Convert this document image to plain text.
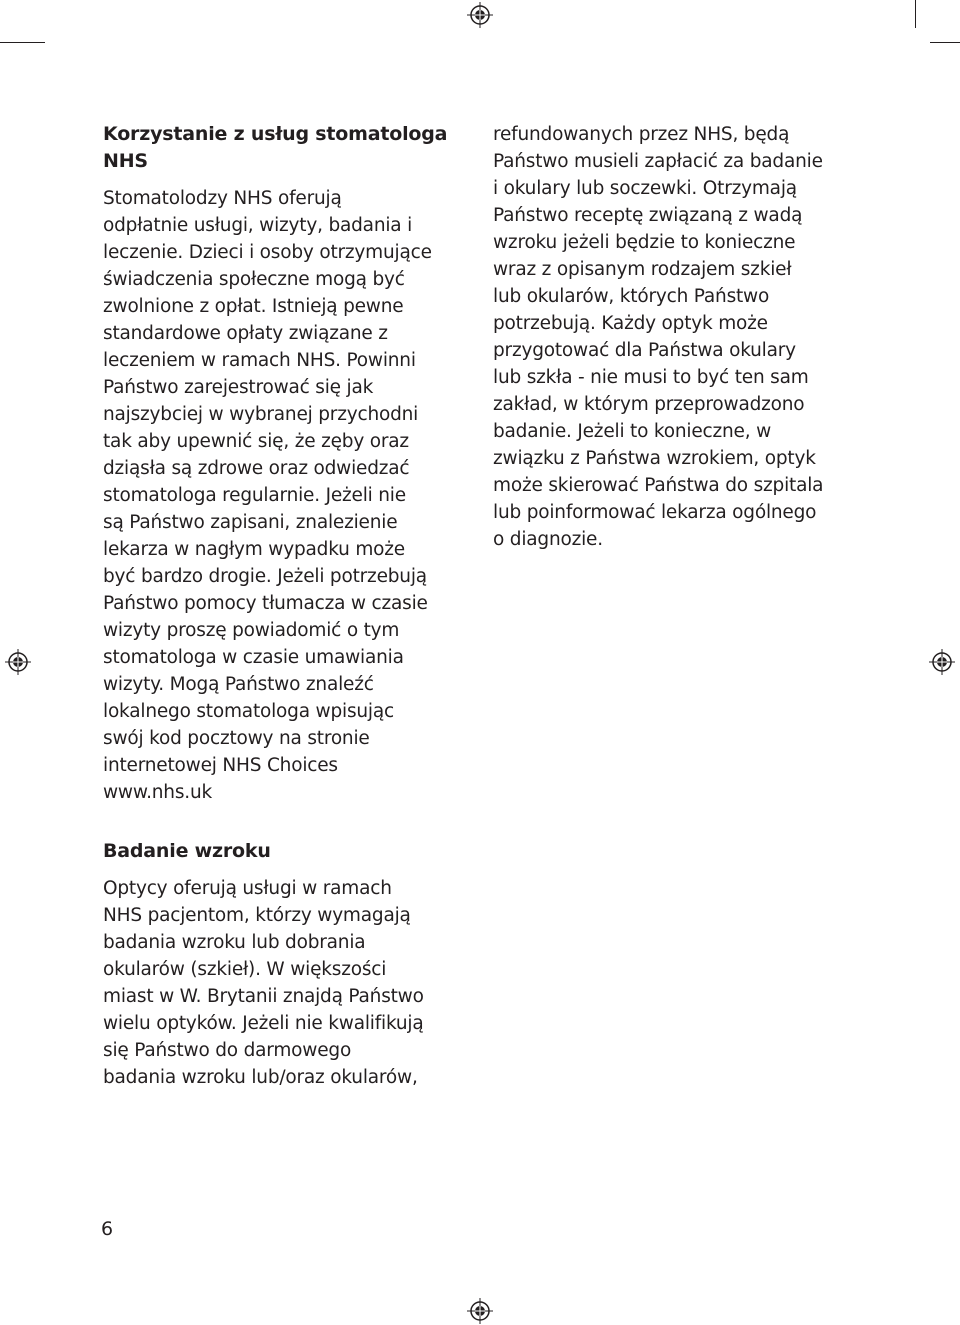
Korzystanie z usług stomatologa
NHS

Stomatolodzy NHS oferują
odpłatnie usługi, wizyty, badania i
leczenie. Dzieci i osoby otrzymujące
świadczenia społeczne mogą być
zwolnione z opłat. Istnieją pewne
standardowe opłaty związane z
leczeniem w ramach NHS. Powinni
Państwo zarejestrować się jak
najszybciej w wybranej przychodni
tak aby upewnić się, że zęby oraz
dziąsła są zdrowe oraz odwiedzać
stomatologa regularnie. Jeżeli nie
są Państwo zapisani, znalezienie
lekarza w nagłym wypadku może
być bardzo drogie. Jeżeli potrzebują
Państwo pomocy tłumacza w czasie
wizyty proszę powiadomić o tym
stomatologa w czasie umawiania
wizyty. Mogą Państwo znaleźć
lokalnego stomatologa wpisując
swój kod pocztowy na stronie
internetowej NHS Choices
www.nhs.uk

Badanie wzroku

Optycy oferują usługi w ramach
NHS pacjentom, którzy wymagają
badania wzroku lub dobrania
okularów (szkieł). W większości
miast w W. Brytanii znajdą Państwo
wielu optyków. Jeżeli nie kwalifikują
się Państwo do darmowego
badania wzroku lub/oraz okularów,

refundowanych przez NHS, będą
Państwo musieli zapłacić za badanie
i okulary lub soczewki. Otrzymają
Państwo receptę związaną z wadą
wzroku jeżeli będzie to konieczne
wraz z opisanym rodzajem szkieł
lub okularów, których Państwo
potrzebują. Każdy optyk może
przygotować dla Państwa okulary
lub szkła - nie musi to być ten sam
zakład, w którym przeprowadzono
badanie. Jeżeli to konieczne, w
związku z Państwa wzrokiem, optyk
może skierować Państwa do szpitala
lub poinformować lekarza ogólnego
o diagnozie.

6
